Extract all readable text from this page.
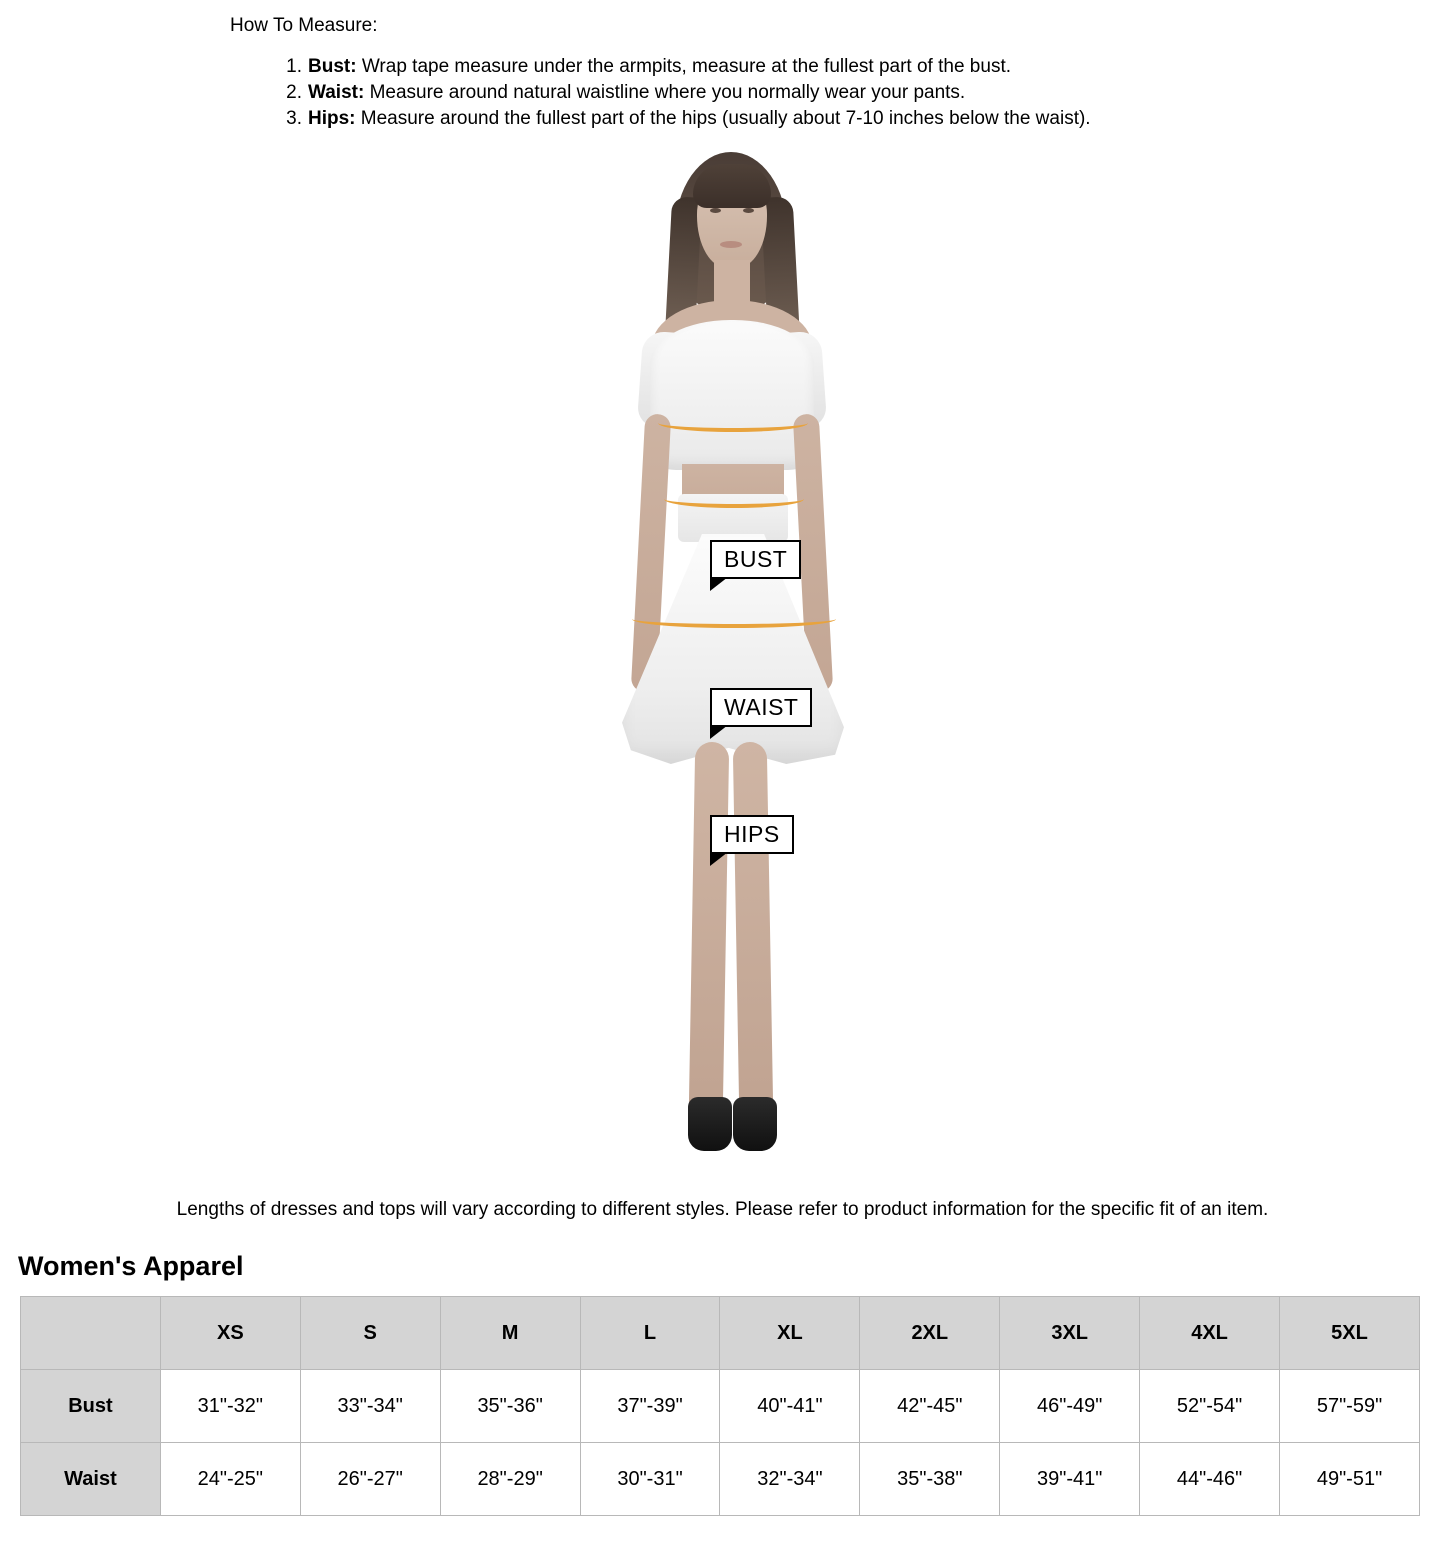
How To Measure:
1. Bust: Wrap tape measure under the armpits, measure at the fullest part of the bust.
2. Waist: Measure around natural waistline where you normally wear your pants.
3. Hips: Measure around the fullest part of the hips (usually about 7-10 inches below the waist).
BUST
WAIST
HIPS
Lengths of dresses and tops will vary according to different styles. Please refer to product information for the specific fit of an item.
Women's Apparel
	XS	S	M	L	XL	2XL	3XL	4XL	5XL
Bust	31"-32"	33"-34"	35"-36"	37"-39"	40"-41"	42"-45"	46"-49"	52"-54"	57"-59"
Waist	24"-25"	26"-27"	28"-29"	30"-31"	32"-34"	35"-38"	39"-41"	44"-46"	49"-51"
